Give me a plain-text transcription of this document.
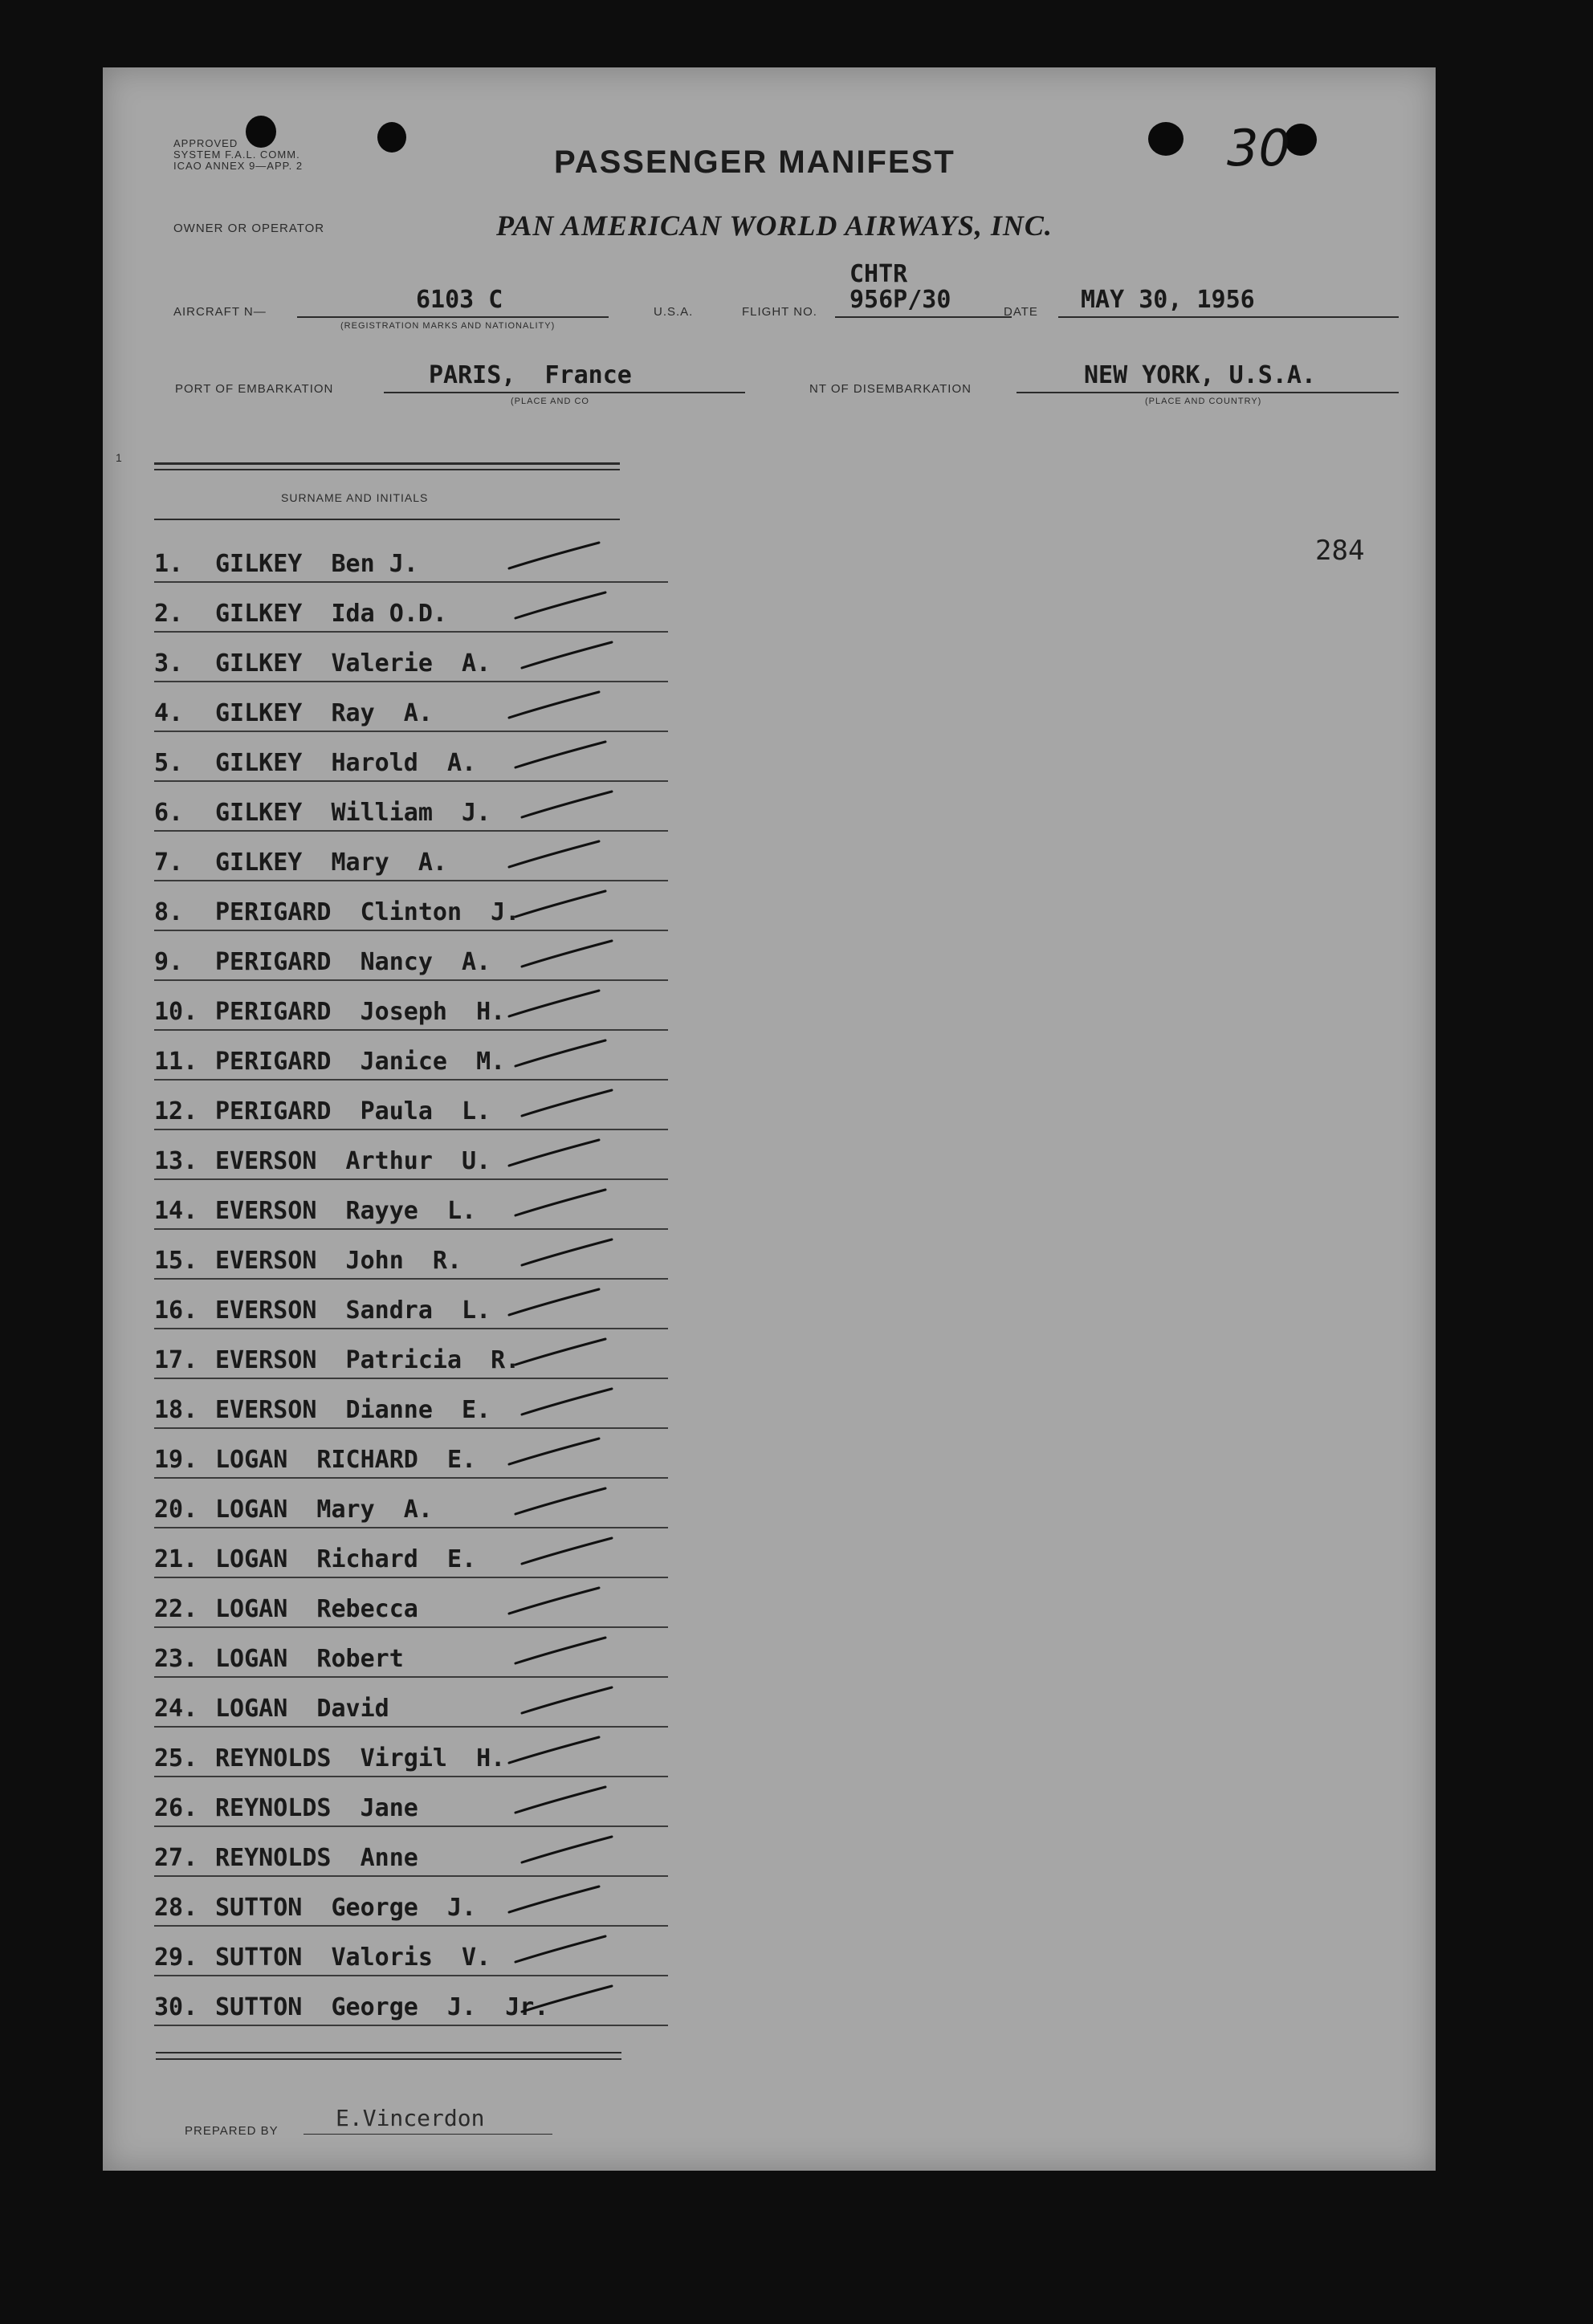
APPROVED
SYSTEM F.A.L. COMM.
ICAO ANNEX 9—APP. 2	PASSENGER MANIFEST	30
OWNER OR OPERATOR	PAN AMERICAN WORLD AIRWAYS, INC.
AIRCRAFT N—	6103 C
(REGISTRATION MARKS AND NATIONALITY)
U.S.A.	FLIGHT NO.
CHTR
956P/30	DATE MAY 30, 1956
PORT OF EMBARKATION	PARIS,  France
(PLACE AND CO
NT OF DISEMBARKATION	NEW YORK, U.S.A.
(PLACE AND COUNTRY)
1
SURNAME AND INITIALS
284
1.	GILKEY  Ben J.
2.	GILKEY  Ida O.D.
3.	GILKEY  Valerie  A.
4.	GILKEY  Ray  A.
5.	GILKEY  Harold  A.
6.	GILKEY  William  J.
7.	GILKEY  Mary  A.
8.	PERIGARD  Clinton  J.
9.	PERIGARD  Nancy  A.
10. PERIGARD  Joseph  H.
11. PERIGARD  Janice  M.
12. PERIGARD  Paula  L.
13. EVERSON  Arthur  U.
14. EVERSON  Rayye  L.
15. EVERSON  John  R.
16. EVERSON  Sandra  L.
17. EVERSON  Patricia  R.
18. EVERSON  Dianne  E.
19. LOGAN  RICHARD  E.
20. LOGAN  Mary  A.
21. LOGAN  Richard  E.
22. LOGAN  Rebecca
23. LOGAN  Robert
24. LOGAN  David
25. REYNOLDS  Virgil  H.
26. REYNOLDS  Jane
27. REYNOLDS  Anne
28. SUTTON  George  J.
29. SUTTON  Valoris  V.
30. SUTTON  George  J.  Jr.
PREPARED BY	E.Vincerdon
